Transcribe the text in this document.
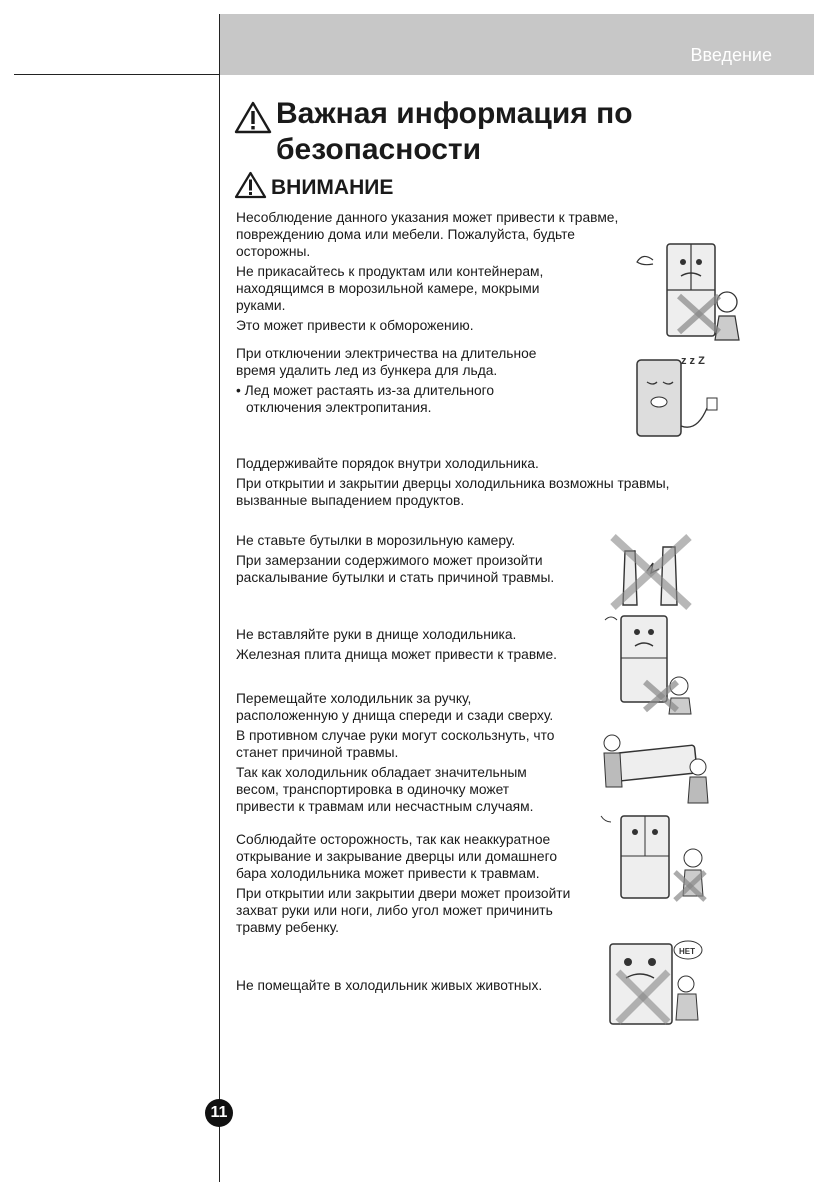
Введение
Важная информация по
безопасности
ВНИМАНИЕ

Несоблюдение данного указания может привести к травме,
повреждению дома или мебели. Пожалуйста, будьте
осторожны.

Не прикасайтесь к продуктам или контейнерам,
находящимся в морозильной камере, мокрыми
руками.

Это может привести к обморожению.

При отключении электричества на длительное
время удалить лед из бункера для льда.

• Лед может растаять из-за длительного
отключения электропитания.

Поддерживайте порядок внутри холодильника.

При открытии и закрытии дверцы холодильника возможны травмы,
вызванные выпадением продуктов.

Не ставьте бутылки в морозильную камеру.

При замерзании содержимого может произойти
раскалывание бутылки и стать причиной травмы.

Не вставляйте руки в днище холодильника.

Железная плита днища может привести к травме.

Перемещайте холодильник за ручку,
расположенную у днища спереди и сзади сверху.

В противном случае руки могут соскользнуть, что
станет причиной травмы.

Так как холодильник обладает значительным
весом, транспортировка в одиночку может
привести к травмам или несчастным случаям.

Соблюдайте осторожность, так как неаккуратное
открывание и закрывание дверцы или домашнего
бара холодильника может привести к травмам.

При открытии или закрытии двери может произойти
захват руки или ноги, либо угол может причинить
травму ребенку.

Не помещайте в холодильник живых животных.

z z Z
НЕТ
11
